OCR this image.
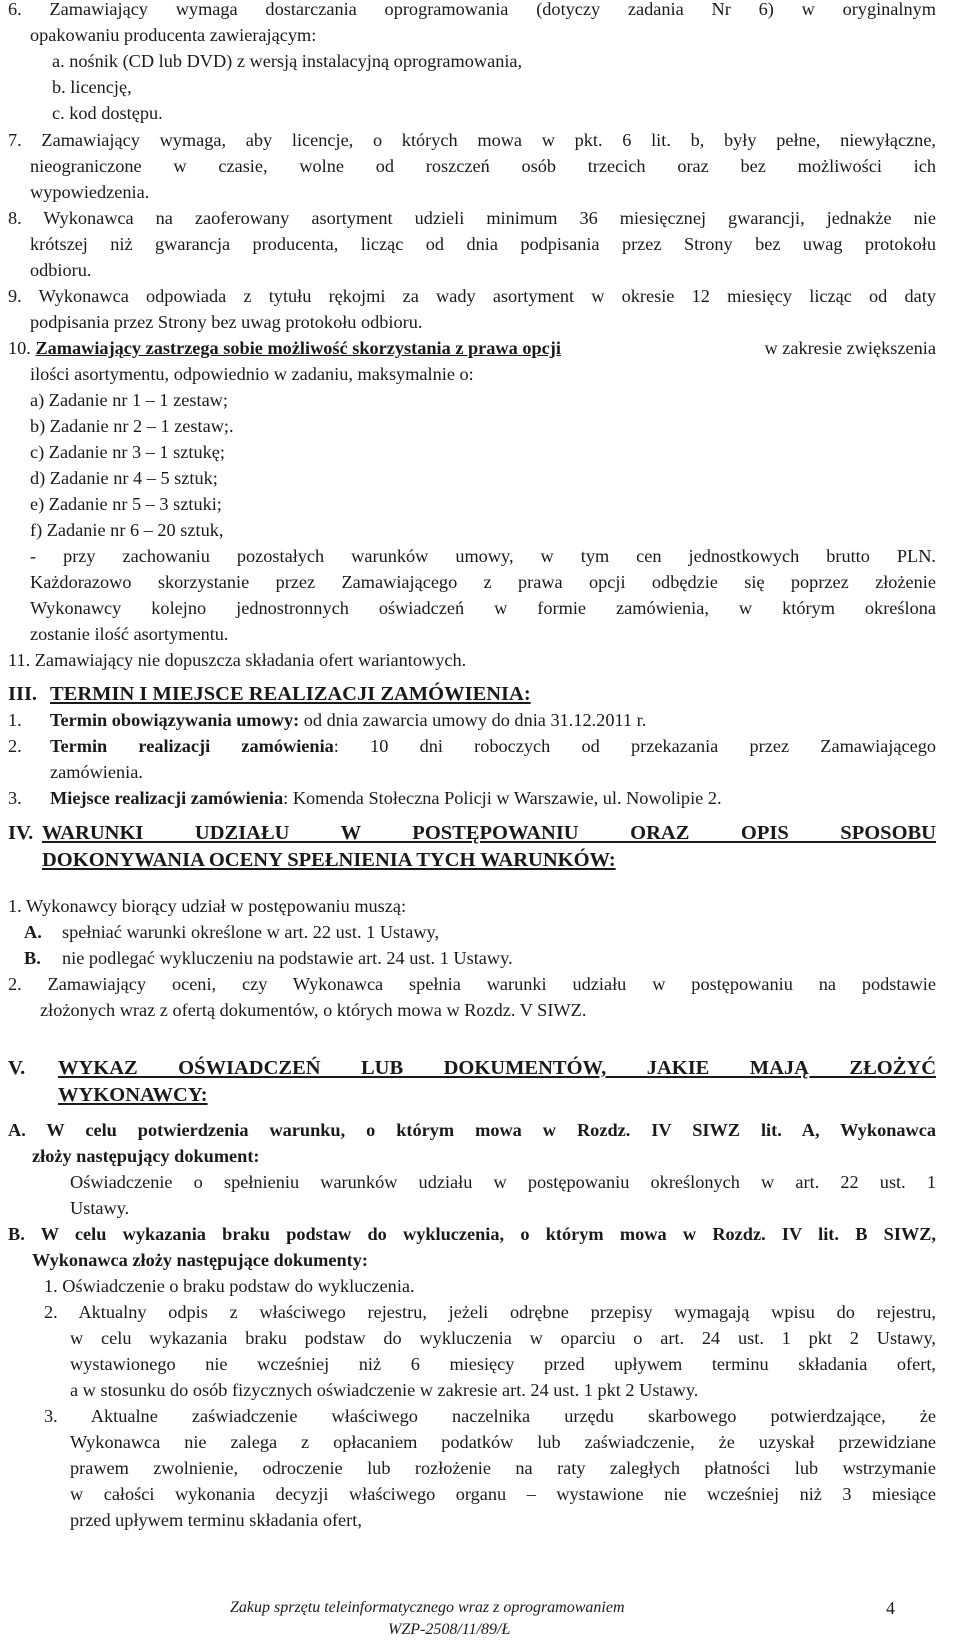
6. Zamawiający wymaga dostarczania oprogramowania (dotyczy zadania Nr 6) w oryginalnym
opakowaniu producenta zawierającym:
a. nośnik (CD lub DVD) z wersją instalacyjną oprogramowania,
b. licencję,
c. kod dostępu.
7. Zamawiający wymaga, aby licencje, o których mowa w pkt. 6 lit. b, były pełne, niewyłączne,
nieograniczone w czasie, wolne od roszczeń osób trzecich oraz bez możliwości ich
wypowiedzenia.
8. Wykonawca na zaoferowany asortyment udzieli minimum 36 miesięcznej gwarancji, jednakże nie
krótszej niż gwarancja producenta, licząc od dnia podpisania przez Strony bez uwag protokołu
odbioru.
9. Wykonawca odpowiada z tytułu rękojmi za wady asortyment w okresie 12 miesięcy licząc od daty
podpisania przez Strony bez uwag protokołu odbioru.
10. Zamawiający zastrzega sobie możliwość skorzystania z prawa opcji	w zakresie zwiększenia
ilości asortymentu, odpowiednio w zadaniu, maksymalnie o:
a) Zadanie nr 1 – 1 zestaw;
b) Zadanie nr 2 – 1 zestaw;.
c) Zadanie nr 3 – 1 sztukę;
d) Zadanie nr 4 – 5 sztuk;
e) Zadanie nr 5 – 3 sztuki;
f) Zadanie nr 6 – 20 sztuk,
- przy zachowaniu pozostałych warunków umowy, w tym cen jednostkowych brutto PLN.
Każdorazowo skorzystanie przez Zamawiającego z prawa opcji odbędzie się poprzez złożenie
Wykonawcy kolejno jednostronnych oświadczeń w formie zamówienia, w którym określona
zostanie ilość asortymentu.
11. Zamawiający nie dopuszcza składania ofert wariantowych.
III. TERMIN I MIEJSCE REALIZACJI ZAMÓWIENIA:
1. Termin obowiązywania umowy: od dnia zawarcia umowy do dnia 31.12.2011 r.
2. Termin realizacji zamówienia: 10 dni roboczych od przekazania przez Zamawiającego
zamówienia.
3. Miejsce realizacji zamówienia: Komenda Stołeczna Policji w Warszawie, ul. Nowolipie 2.
IV. WARUNKI UDZIAŁU W POSTĘPOWANIU ORAZ OPIS SPOSOBU
DOKONYWANIA OCENY SPEŁNIENIA TYCH WARUNKÓW:
1. Wykonawcy biorący udział w postępowaniu muszą:
A. spełniać warunki określone w art. 22 ust. 1 Ustawy,
B. nie podlegać wykluczeniu na podstawie art. 24 ust. 1 Ustawy.
2. Zamawiający oceni, czy Wykonawca spełnia warunki udziału w postępowaniu na podstawie
złożonych wraz z ofertą dokumentów, o których mowa w Rozdz. V SIWZ.
V. WYKAZ OŚWIADCZEŃ LUB DOKUMENTÓW, JAKIE MAJĄ ZŁOŻYĆ
WYKONAWCY:
A. W celu potwierdzenia warunku, o którym mowa w Rozdz. IV SIWZ lit. A, Wykonawca
złoży następujący dokument:
Oświadczenie o spełnieniu warunków udziału w postępowaniu określonych w art. 22 ust. 1
Ustawy.
B. W celu wykazania braku podstaw do wykluczenia, o którym mowa w Rozdz. IV lit. B SIWZ,
Wykonawca złoży następujące dokumenty:
1. Oświadczenie o braku podstaw do wykluczenia.
2. Aktualny odpis z właściwego rejestru, jeżeli odrębne przepisy wymagają wpisu do rejestru,
w celu wykazania braku podstaw do wykluczenia w oparciu o art. 24 ust. 1 pkt 2 Ustawy,
wystawionego nie wcześniej niż 6 miesięcy przed upływem terminu składania ofert,
a w stosunku do osób fizycznych oświadczenie w zakresie art. 24 ust. 1 pkt 2 Ustawy.
3. Aktualne zaświadczenie właściwego naczelnika urzędu skarbowego potwierdzające, że
Wykonawca nie zalega z opłacaniem podatków lub zaświadczenie, że uzyskał przewidziane
prawem zwolnienie, odroczenie lub rozłożenie na raty zaległych płatności lub wstrzymanie
w całości wykonania decyzji właściwego organu – wystawione nie wcześniej niż 3 miesiące
przed upływem terminu składania ofert,
Zakup sprzętu teleinformatycznego wraz z oprogramowaniem	4
WZP-2508/11/89/Ł
